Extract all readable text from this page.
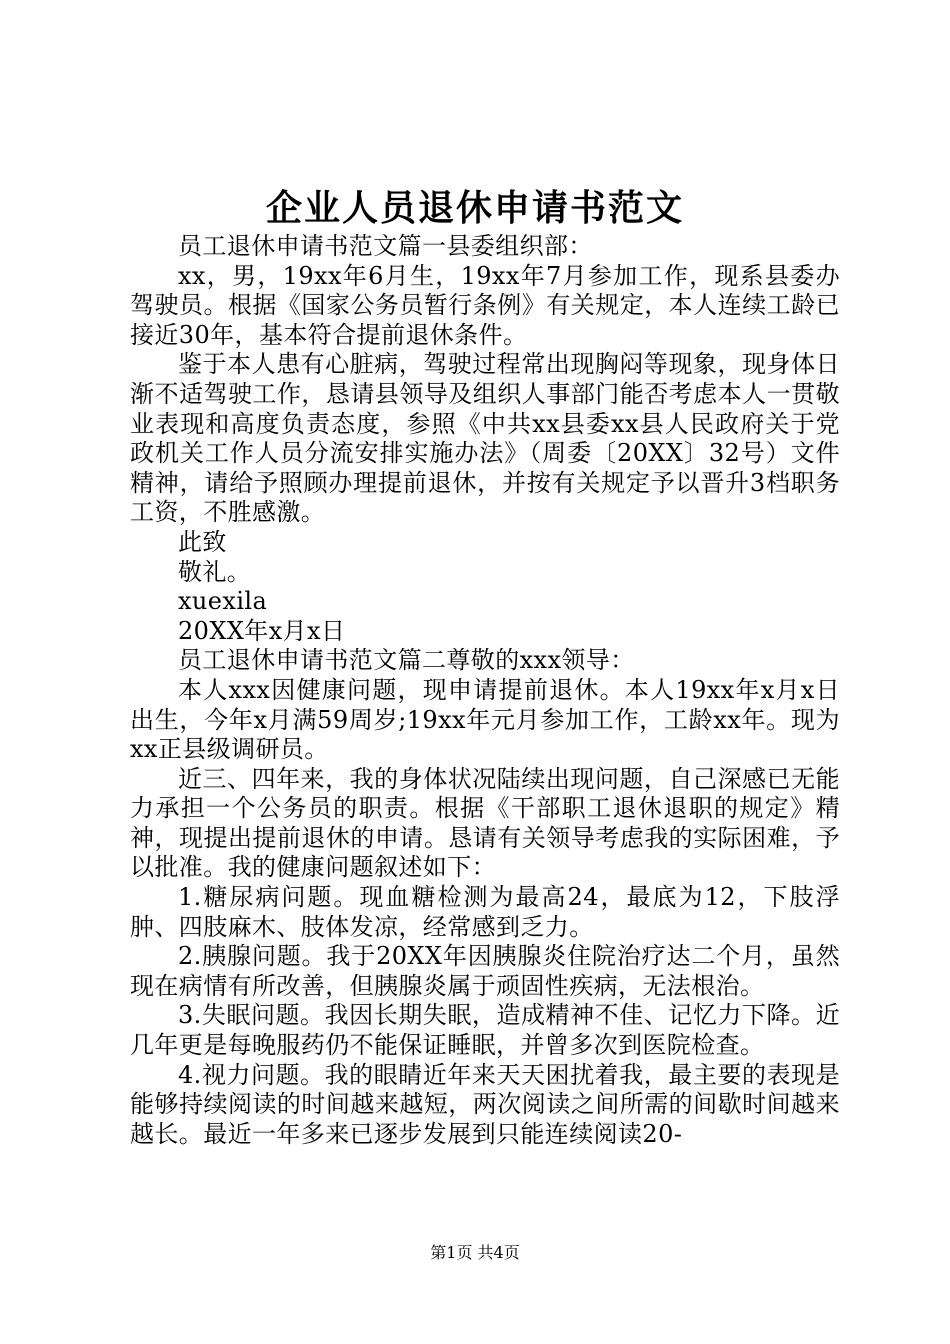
企业人员退休申请书范文

员工退休申请书范文篇一县委组织部：

xx，男，19xx年6月生，19xx年7月参加工作，现系县委办驾驶员。根据《国家公务员暂行条例》有关规定，本人连续工龄已接近30年，基本符合提前退休条件。

鉴于本人患有心脏病，驾驶过程常出现胸闷等现象，现身体日渐不适驾驶工作，恳请县领导及组织人事部门能否考虑本人一贯敬业表现和高度负责态度，参照《中共xx县委xx县人民政府关于党政机关工作人员分流安排实施办法》（周委〔20XX〕32号）文件精神，请给予照顾办理提前退休，并按有关规定予以晋升3档职务工资，不胜感激。

此致

敬礼。

xuexila

20XX年x月x日

员工退休申请书范文篇二尊敬的xxx领导：

本人xxx因健康问题，现申请提前退休。本人19xx年x月x日出生，今年x月满59周岁;19xx年元月参加工作，工龄xx年。现为xx正县级调研员。

近三、四年来，我的身体状况陆续出现问题，自己深感已无能力承担一个公务员的职责。根据《干部职工退休退职的规定》精神，现提出提前退休的申请。恳请有关领导考虑我的实际困难，予以批准。我的健康问题叙述如下：

1.糖尿病问题。现血糖检测为最高24，最底为12，下肢浮肿、四肢麻木、肢体发凉，经常感到乏力。

2.胰腺问题。我于20XX年因胰腺炎住院治疗达二个月，虽然现在病情有所改善，但胰腺炎属于顽固性疾病，无法根治。

3.失眠问题。我因长期失眠，造成精神不佳、记忆力下降。近几年更是每晚服药仍不能保证睡眠，并曾多次到医院检查。

4.视力问题。我的眼睛近年来天天困扰着我，最主要的表现是能够持续阅读的时间越来越短，两次阅读之间所需的间歇时间越来越长。最近一年多来已逐步发展到只能连续阅读20-

第1页 共4页
